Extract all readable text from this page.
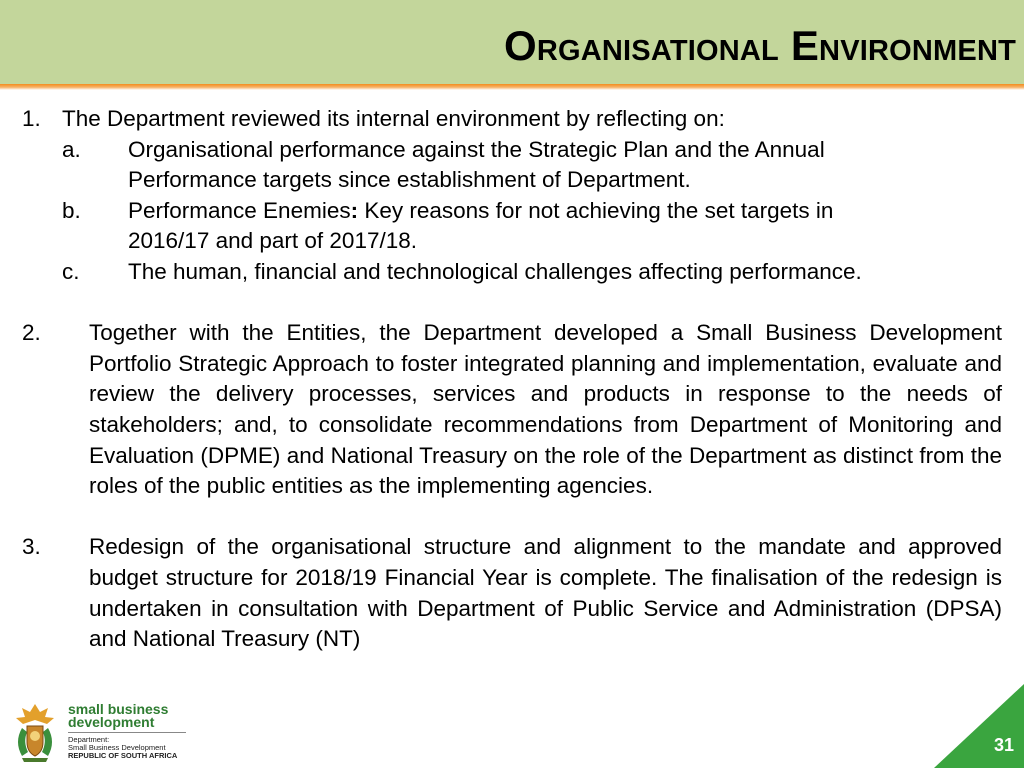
Organisational Environment
1. The Department reviewed its internal environment by reflecting on:
a. Organisational performance against the Strategic Plan and the Annual
Performance targets since establishment of Department.
b. Performance Enemies: Key reasons for not achieving the set targets in
2016/17 and part of 2017/18.
c. The human, financial and technological challenges affecting performance.
2. Together with the Entities, the Department developed a Small Business Development Portfolio Strategic Approach to foster integrated planning and implementation, evaluate and review the delivery processes, services and products in response to the needs of stakeholders; and, to consolidate recommendations from Department of Monitoring and Evaluation (DPME) and National Treasury on the role of the Department as distinct from the roles of the public entities as the implementing agencies.
3. Redesign of the organisational structure and alignment to the mandate and approved budget structure for 2018/19 Financial Year is complete. The finalisation of the redesign is undertaken in consultation with Department of Public Service and Administration (DPSA) and National Treasury (NT)
small business
development
Department:
Small Business Development
REPUBLIC OF SOUTH AFRICA
31
